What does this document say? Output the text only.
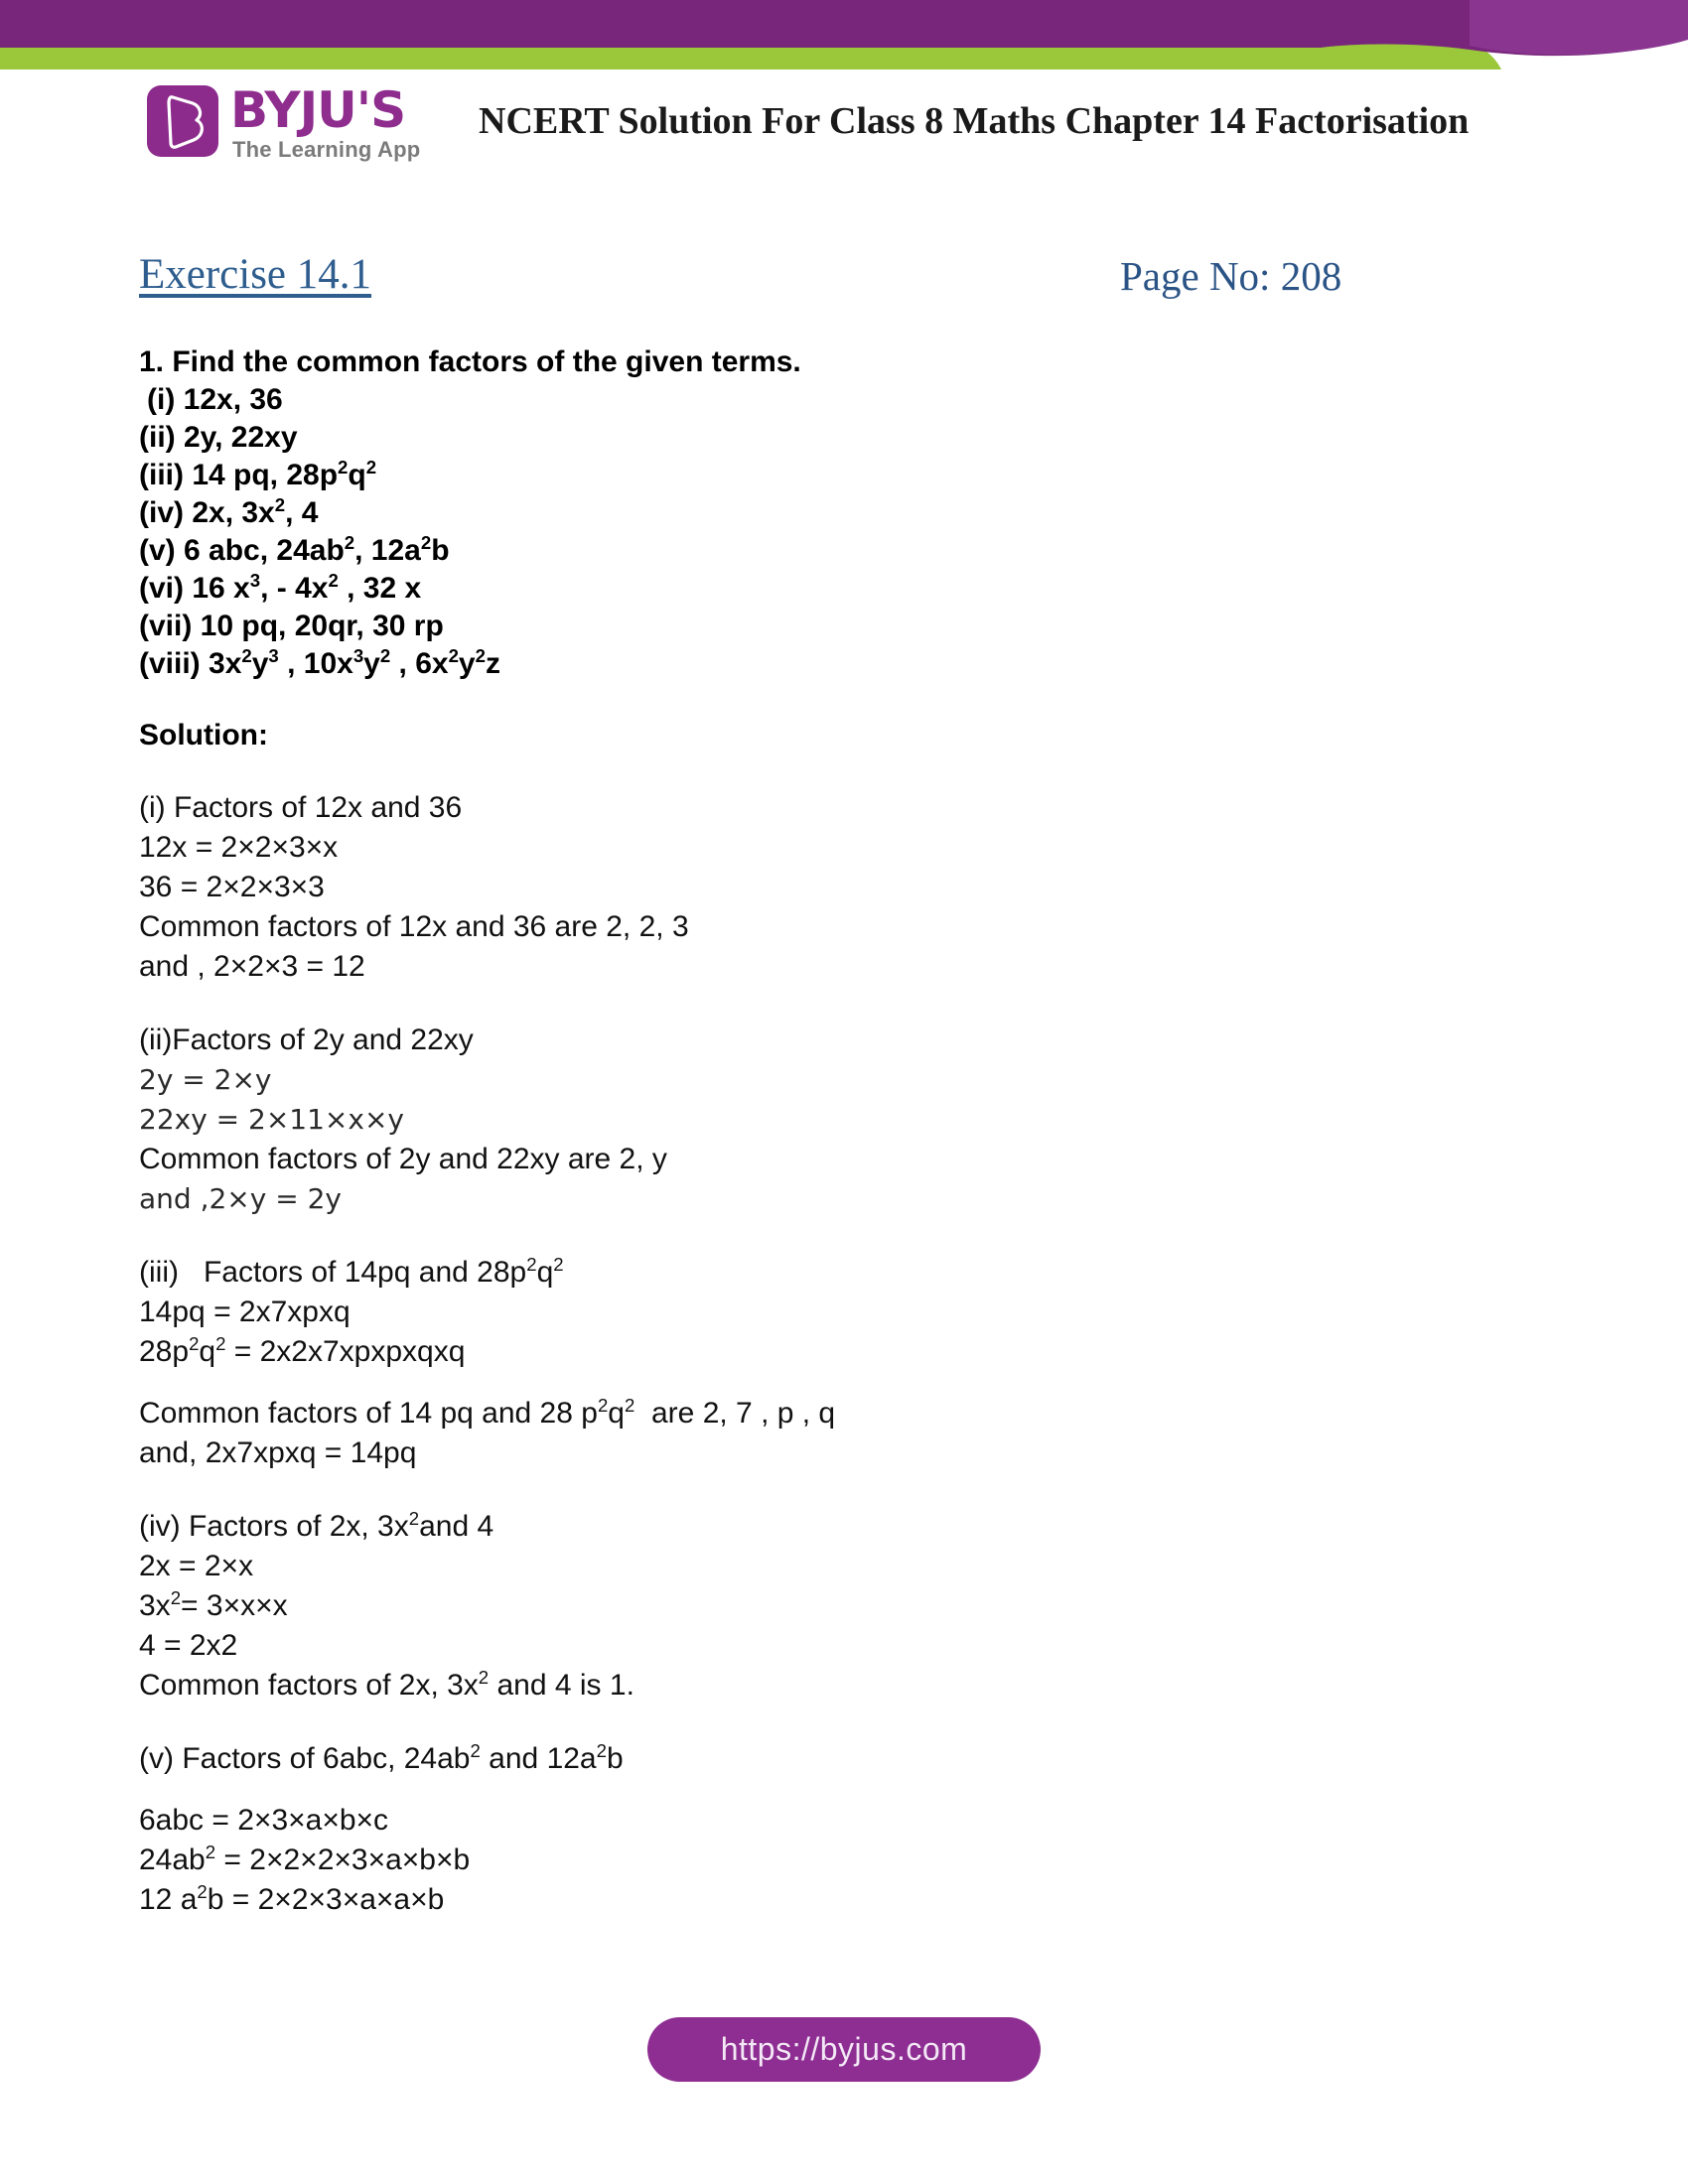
BYJU'S
The Learning App
NCERT Solution For Class 8 Maths Chapter 14 Factorisation
Exercise 14.1	Page No: 208
1. Find the common factors of the given terms.
(i) 12x, 36
(ii) 2y, 22xy
(iii) 14 pq, $28p^2q^2$
(iv) 2x, $3x^2$, 4
(v) 6 abc, $24ab^2$, $12a^2b$
(vi) 16 $x^3$, - $4x^2$ , 32 x
(vii) 10 pq, 20qr, 30 rp
(viii) $3x^2y^3$ , $10x^3y^2$ , $6x^2y^2z$
Solution:
(i) Factors of 12x and 36
12x = 2×2×3×x
36 = 2×2×3×3
Common factors of 12x and 36 are 2, 2, 3
and , 2×2×3 = 12
(ii)Factors of 2y and 22xy
2y = 2×y
22xy = 2×11×x×y
Common factors of 2y and 22xy are 2, y
and ,2×y = 2y
(iii)   Factors of 14pq and $28p^2q^2$
14pq = 2x7xpxq
$28p^2q^2$ = 2x2x7xpxpxqxq
Common factors of 14 pq and 28 $p^2q^2$  are 2, 7 , p , q
and, 2x7xpxq = 14pq
(iv) Factors of 2x, $3x^2and$ 4
2x = 2×x
$3x^2= 3\times x\times x$
4 = 2x2
Common factors of 2x, $3x^2$ and 4 is 1.
(v) Factors of 6abc, $24ab^2$ and $12a^2b$
6abc = 2×3×a×b×c
$24ab^2 = 2\times 2\times 2\times 3\times a\times b\times b$
12 $a^2b = 2\times 2\times 3\times a\times a\times b$
https://byjus.com
